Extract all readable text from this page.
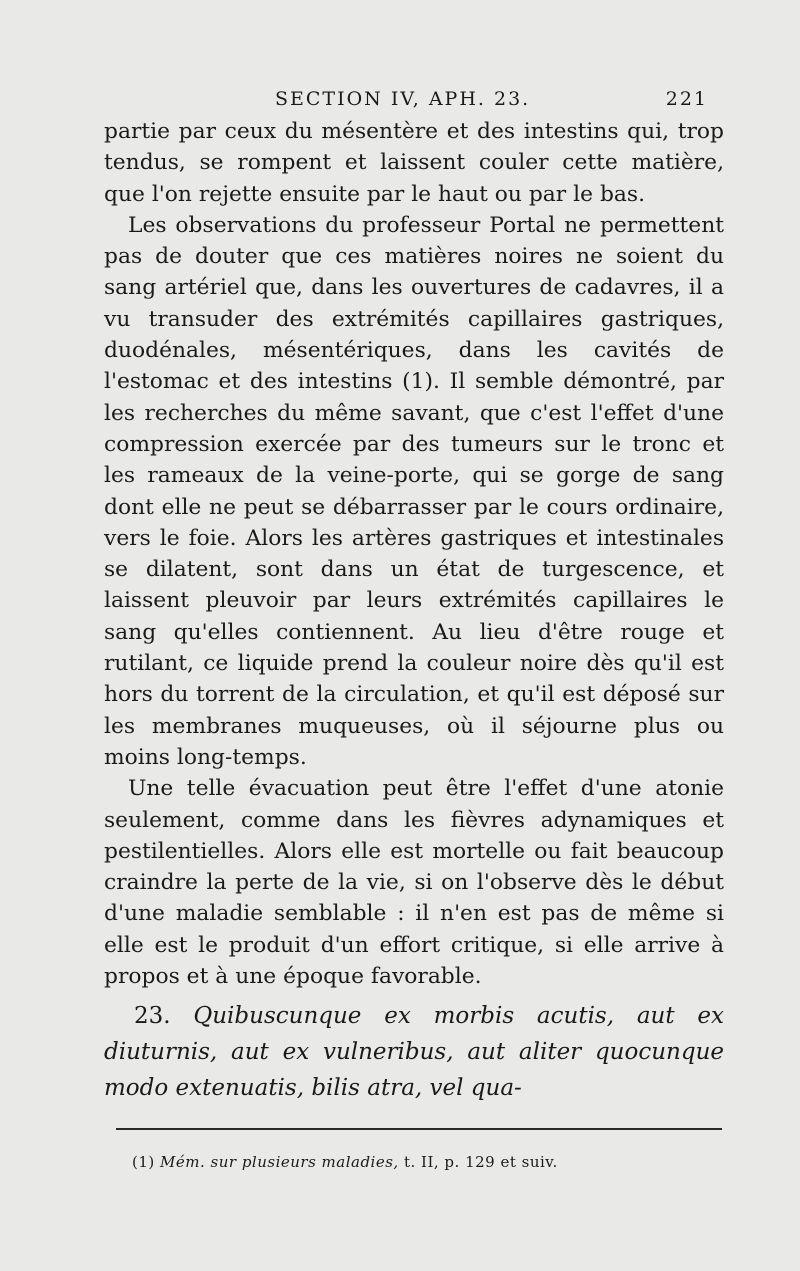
SECTION IV, APH. 23.	221

partie par ceux du mésentère et des intestins qui, trop tendus, se rompent et laissent couler cette matière, que l'on rejette ensuite par le haut ou par le bas.

Les observations du professeur Portal ne permettent pas de douter que ces matières noires ne soient du sang artériel que, dans les ouvertures de cadavres, il a vu transuder des extrémités capillaires gastriques, duodénales, mésentériques, dans les cavités de l'estomac et des intestins (1). Il semble démontré, par les recherches du même savant, que c'est l'effet d'une compression exercée par des tumeurs sur le tronc et les rameaux de la veine-porte, qui se gorge de sang dont elle ne peut se débarrasser par le cours ordinaire, vers le foie. Alors les artères gastriques et intestinales se dilatent, sont dans un état de turgescence, et laissent pleuvoir par leurs extrémités capillaires le sang qu'elles contiennent. Au lieu d'être rouge et rutilant, ce liquide prend la couleur noire dès qu'il est hors du torrent de la circulation, et qu'il est déposé sur les membranes muqueuses, où il séjourne plus ou moins long-temps.

Une telle évacuation peut être l'effet d'une atonie seulement, comme dans les fièvres adynamiques et pestilentielles. Alors elle est mortelle ou fait beaucoup craindre la perte de la vie, si on l'observe dès le début d'une maladie semblable : il n'en est pas de même si elle est le produit d'un effort critique, si elle arrive à propos et à une époque favorable.

23. Quibuscunque ex morbis acutis, aut ex diuturnis, aut ex vulneribus, aut aliter quocunque modo extenuatis, bilis atra, vel qua-

(1) Mém. sur plusieurs maladies, t. II, p. 129 et suiv.
